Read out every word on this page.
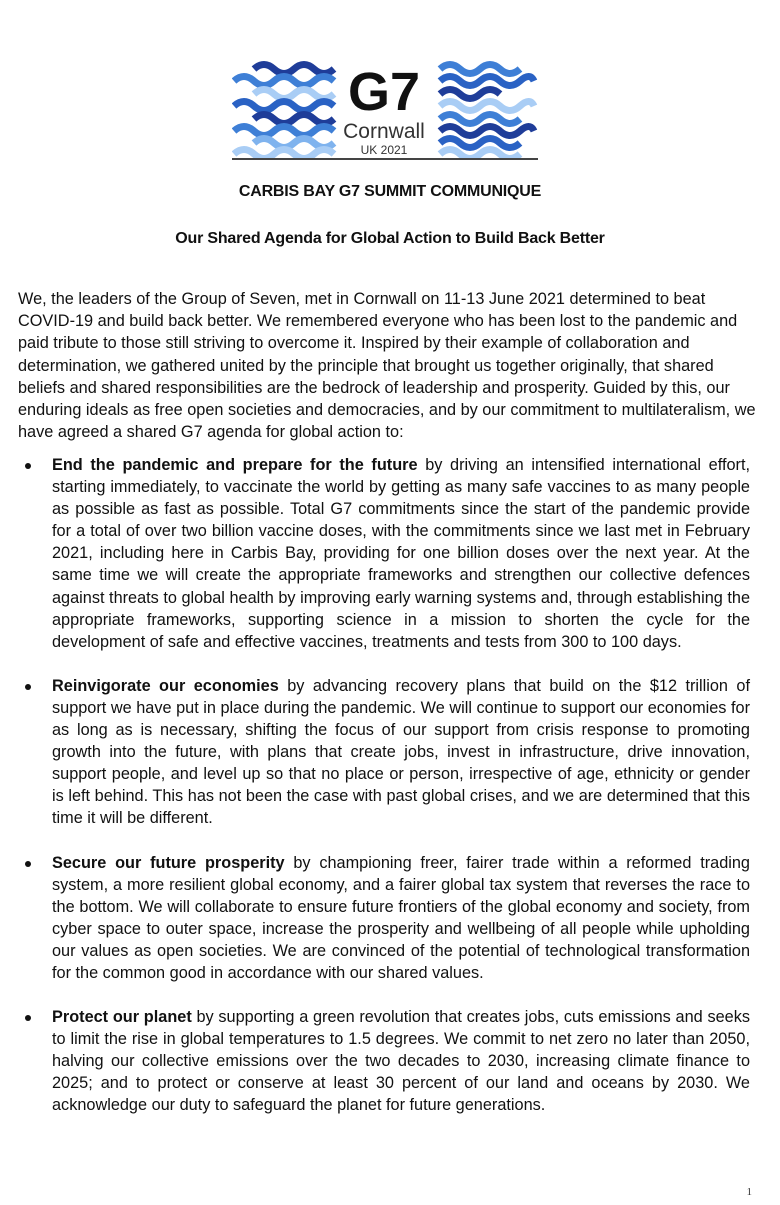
G7
Cornwall
UK 2021
CARBIS BAY G7 SUMMIT COMMUNIQUE
Our Shared Agenda for Global Action to Build Back Better

We, the leaders of the Group of Seven, met in Cornwall on 11-13 June 2021 determined to beat COVID-19 and build back better. We remembered everyone who has been lost to the pandemic and paid tribute to those still striving to overcome it. Inspired by their example of collaboration and determination, we gathered united by the principle that brought us together originally, that shared beliefs and shared responsibilities are the bedrock of leadership and prosperity. Guided by this, our enduring ideals as free open societies and democracies, and by our commitment to multilateralism, we have agreed a shared G7 agenda for global action to:

End the pandemic and prepare for the future by driving an intensified international effort, starting immediately, to vaccinate the world by getting as many safe vaccines to as many people as possible as fast as possible. Total G7 commitments since the start of the pandemic provide for a total of over two billion vaccine doses, with the commitments since we last met in February 2021, including here in Carbis Bay, providing for one billion doses over the next year. At the same time we will create the appropriate frameworks and strengthen our collective defences against threats to global health by improving early warning systems and, through establishing the appropriate frameworks, supporting science in a mission to shorten the cycle for the development of safe and effective vaccines, treatments and tests from 300 to 100 days.
Reinvigorate our economies by advancing recovery plans that build on the $12 trillion of support we have put in place during the pandemic. We will continue to support our economies for as long as is necessary, shifting the focus of our support from crisis response to promoting growth into the future, with plans that create jobs, invest in infrastructure, drive innovation, support people, and level up so that no place or person, irrespective of age, ethnicity or gender is left behind. This has not been the case with past global crises, and we are determined that this time it will be different.
Secure our future prosperity by championing freer, fairer trade within a reformed trading system, a more resilient global economy, and a fairer global tax system that reverses the race to the bottom. We will collaborate to ensure future frontiers of the global economy and society, from cyber space to outer space, increase the prosperity and wellbeing of all people while upholding our values as open societies. We are convinced of the potential of technological transformation for the common good in accordance with our shared values.
Protect our planet by supporting a green revolution that creates jobs, cuts emissions and seeks to limit the rise in global temperatures to 1.5 degrees. We commit to net zero no later than 2050, halving our collective emissions over the two decades to 2030, increasing climate finance to 2025; and to protect or conserve at least 30 percent of our land and oceans by 2030. We acknowledge our duty to safeguard the planet for future generations.
1
